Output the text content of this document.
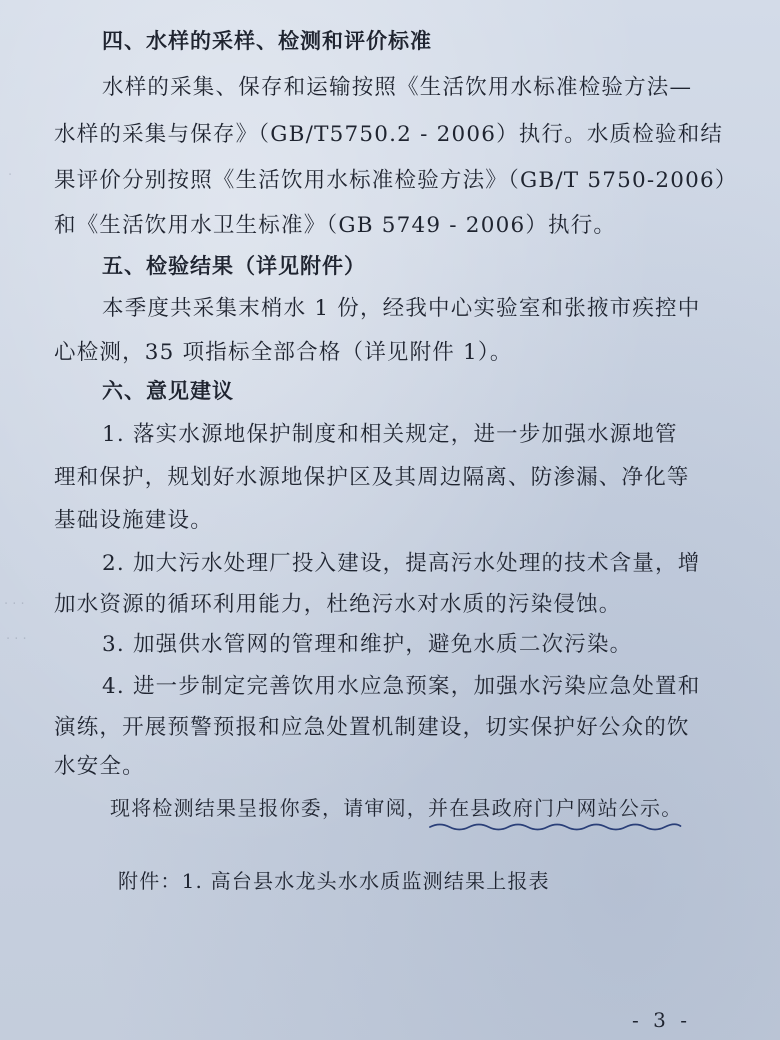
·
· · ·
· · ·
四、水样的采样、检测和评价标准
水样的采集、保存和运输按照《生活饮用水标准检验方法—
水样的采集与保存》（GB/T5750.2 - 2006）执行。水质检验和结
果评价分别按照《生活饮用水标准检验方法》（GB/T 5750-2006）
和《生活饮用水卫生标准》（GB 5749 - 2006）执行。
五、检验结果（详见附件）
本季度共采集末梢水 1 份，经我中心实验室和张掖市疾控中
心检测，35 项指标全部合格（详见附件 1）。
六、意见建议
1. 落实水源地保护制度和相关规定，进一步加强水源地管
理和保护，规划好水源地保护区及其周边隔离、防渗漏、净化等
基础设施建设。
2. 加大污水处理厂投入建设，提高污水处理的技术含量，增
加水资源的循环利用能力，杜绝污水对水质的污染侵蚀。
3. 加强供水管网的管理和维护，避免水质二次污染。
4. 进一步制定完善饮用水应急预案，加强水污染应急处置和
演练，开展预警预报和应急处置机制建设，切实保护好公众的饮
水安全。
现将检测结果呈报你委，请审阅，并在县政府门户网站公示。
附件：1. 高台县水龙头水水质监测结果上报表
- 3 -
